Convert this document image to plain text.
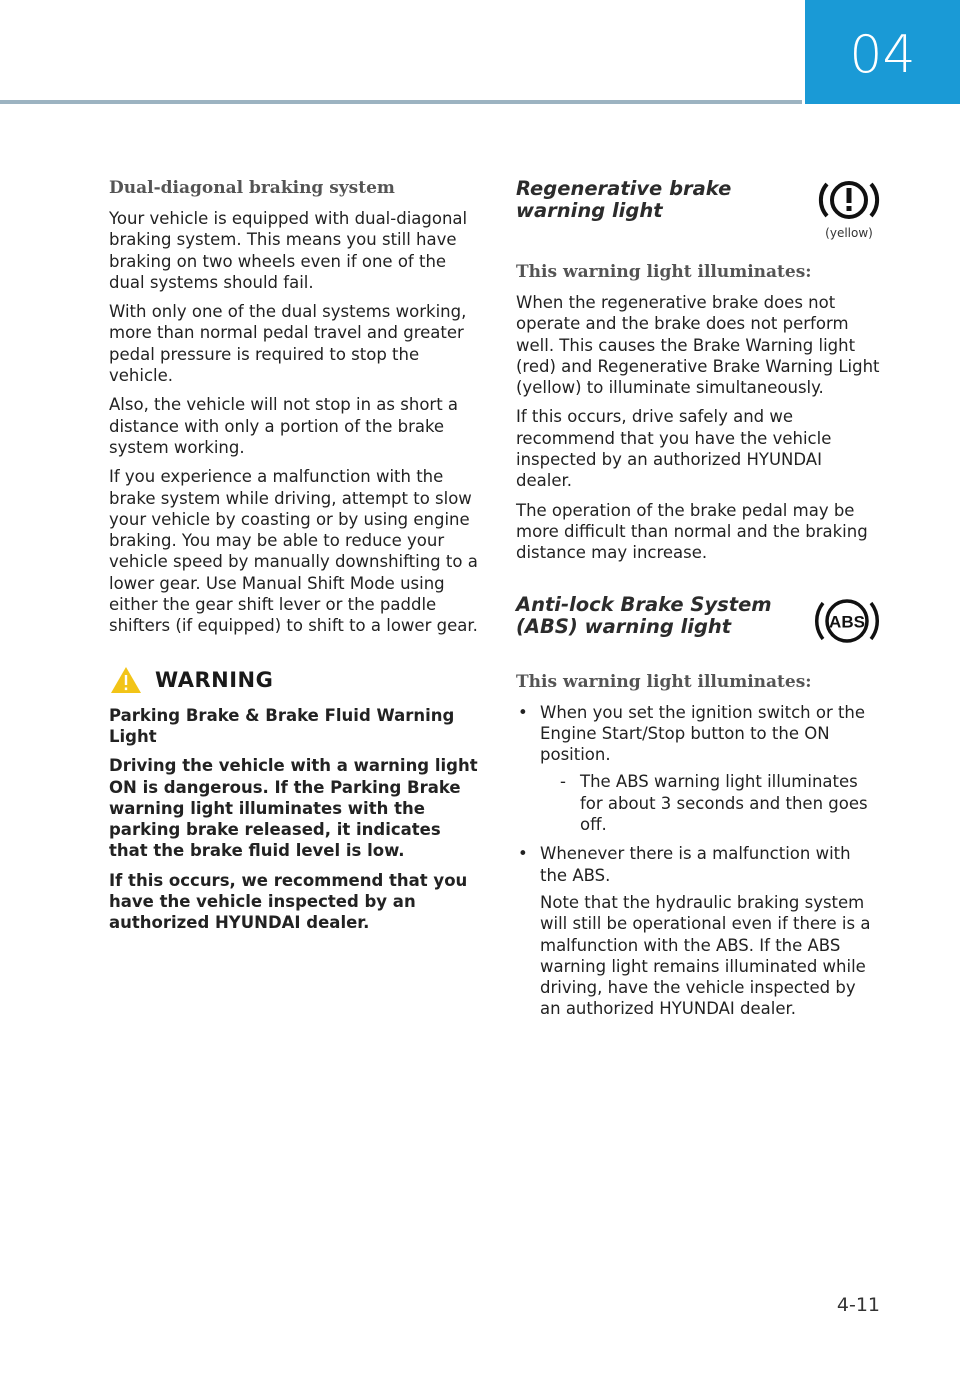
04

Dual-diagonal braking system

Your vehicle is equipped with dual-diagonal braking system. This means you still have braking on two wheels even if one of the dual systems should fail.

With only one of the dual systems working, more than normal pedal travel and greater pedal pressure is required to stop the vehicle.

Also, the vehicle will not stop in as short a distance with only a portion of the brake system working.

If you experience a malfunction with the brake system while driving, attempt to slow your vehicle by coasting or by using engine braking. You may be able to reduce your vehicle speed by manually downshifting to a lower gear. Use Manual Shift Mode using either the gear shift lever or the paddle shifters (if equipped) to shift to a lower gear.

WARNING

Parking Brake & Brake Fluid Warning Light

Driving the vehicle with a warning light ON is dangerous. If the Parking Brake warning light illuminates with the parking brake released, it indicates that the brake fluid level is low.

If this occurs, we recommend that you have the vehicle inspected by an authorized HYUNDAI dealer.

Regenerative brake warning light

(yellow)

This warning light illuminates:

When the regenerative brake does not operate and the brake does not perform well. This causes the Brake Warning light (red) and Regenerative Brake Warning Light (yellow) to illuminate simultaneously.

If this occurs, drive safely and we recommend that you have the vehicle inspected by an authorized HYUNDAI dealer.

The operation of the brake pedal may be more difficult than normal and the braking distance may increase.

Anti-lock Brake System (ABS) warning light	ABS

This warning light illuminates:

• When you set the ignition switch or the Engine Start/Stop button to the ON position.
- The ABS warning light illuminates for about 3 seconds and then goes off.
• Whenever there is a malfunction with the ABS.
Note that the hydraulic braking system will still be operational even if there is a malfunction with the ABS. If the ABS warning light remains illuminated while driving, have the vehicle inspected by an authorized HYUNDAI dealer.
4-11
